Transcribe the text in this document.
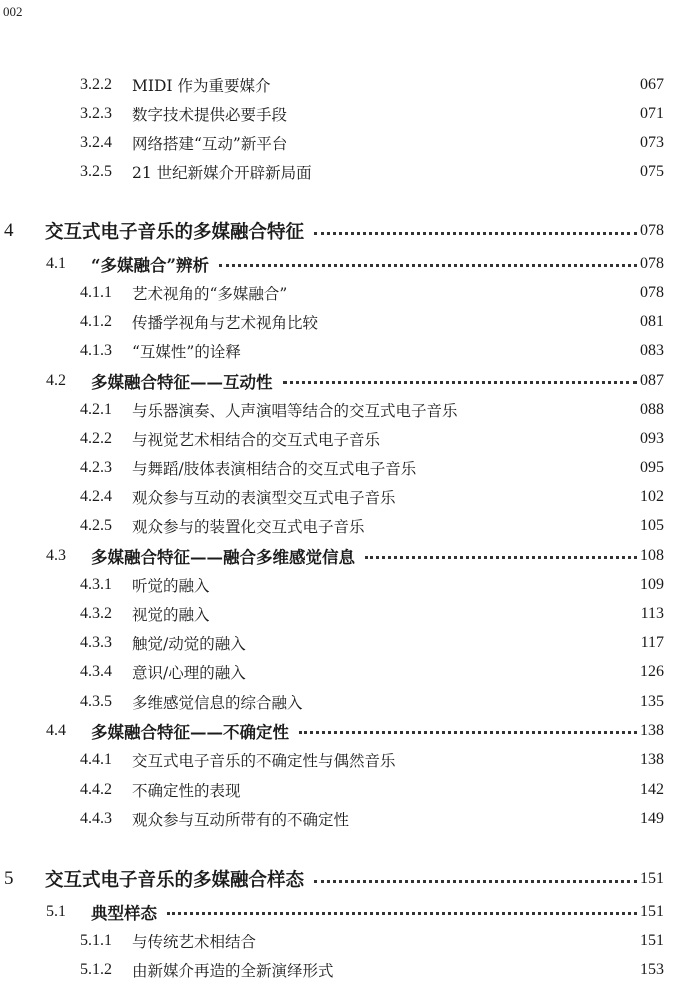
002
3.2.2	MIDI 作为重要媒介	067
3.2.3	数字技术提供必要手段	071
3.2.4	网络搭建“互动”新平台	073
3.2.5	21 世纪新媒介开辟新局面	075
4	交互式电子音乐的多媒融合特征	078
4.1	“多媒融合”辨析	078
4.1.1	艺术视角的“多媒融合”	078
4.1.2	传播学视角与艺术视角比较	081
4.1.3	“互媒性”的诠释	083
4.2	多媒融合特征——互动性	087
4.2.1	与乐器演奏、人声演唱等结合的交互式电子音乐	088
4.2.2	与视觉艺术相结合的交互式电子音乐	093
4.2.3	与舞蹈/肢体表演相结合的交互式电子音乐	095
4.2.4	观众参与互动的表演型交互式电子音乐	102
4.2.5	观众参与的装置化交互式电子音乐	105
4.3	多媒融合特征——融合多维感觉信息	108
4.3.1	听觉的融入	109
4.3.2	视觉的融入	113
4.3.3	触觉/动觉的融入	117
4.3.4	意识/心理的融入	126
4.3.5	多维感觉信息的综合融入	135
4.4	多媒融合特征——不确定性	138
4.4.1	交互式电子音乐的不确定性与偶然音乐	138
4.4.2	不确定性的表现	142
4.4.3	观众参与互动所带有的不确定性	149
5	交互式电子音乐的多媒融合样态	151
5.1	典型样态	151
5.1.1	与传统艺术相结合	151
5.1.2	由新媒介再造的全新演绎形式	153
